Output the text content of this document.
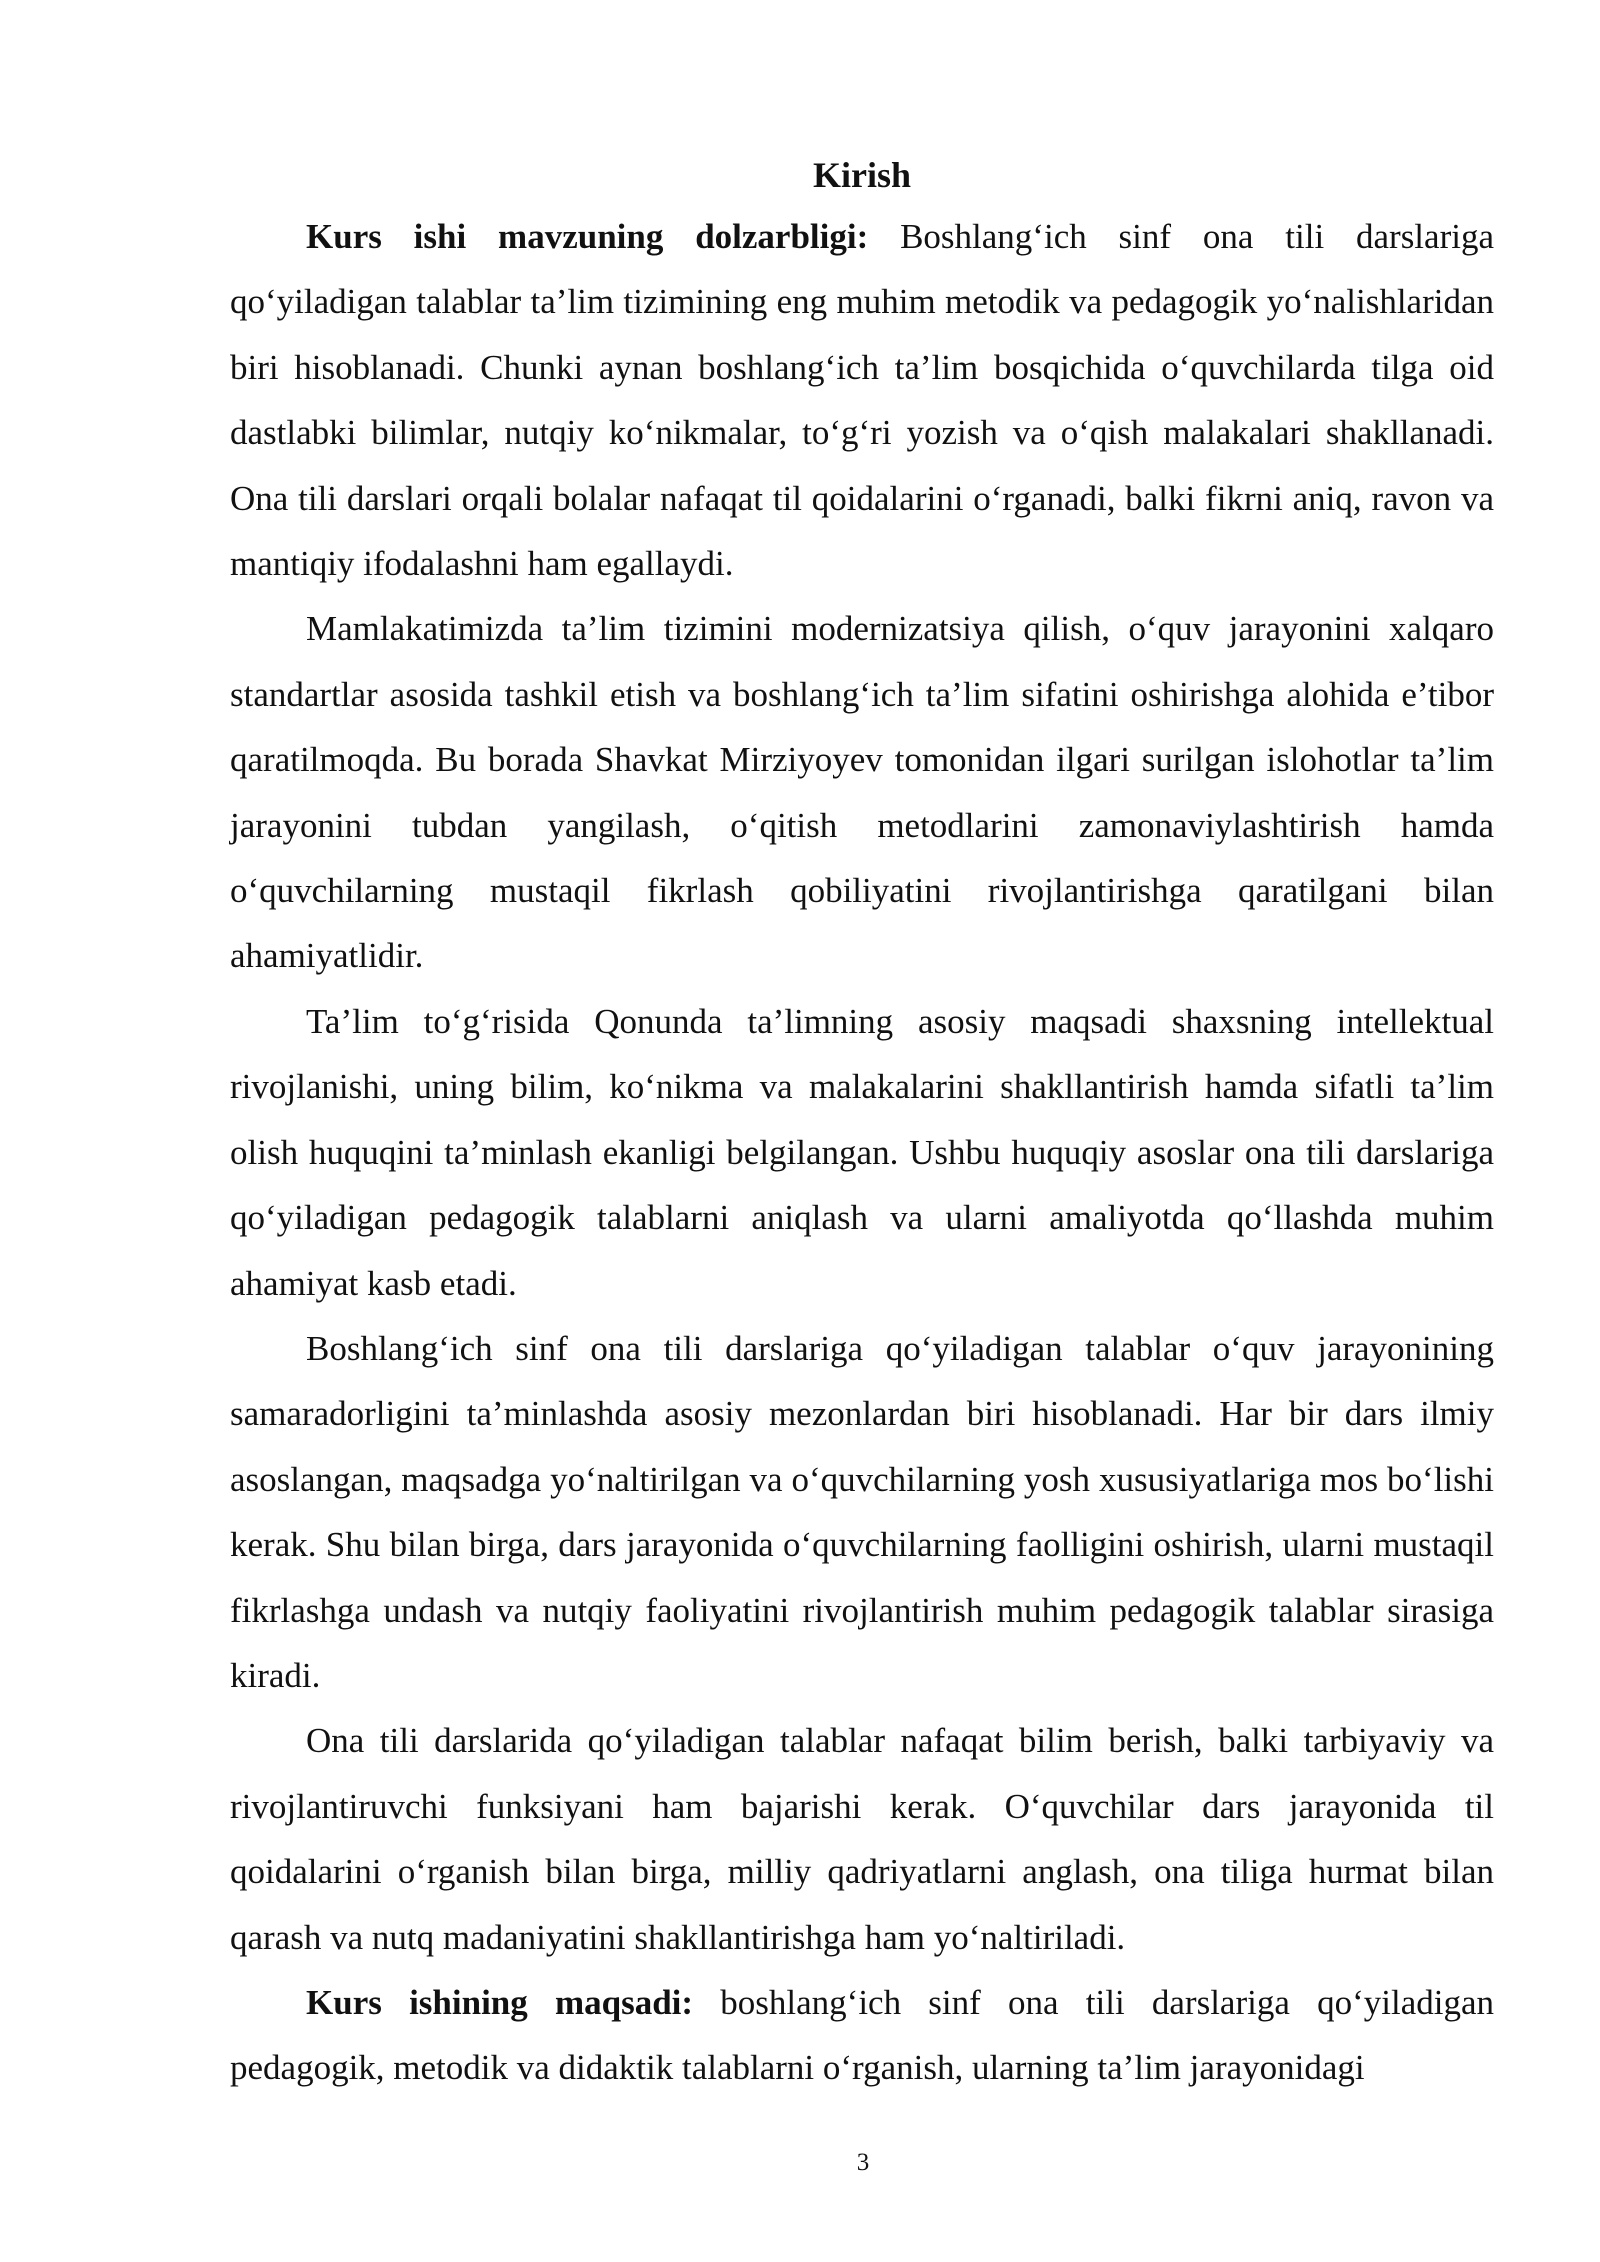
Kirish

Kurs ishi mavzuning dolzarbligi: Boshlang‘ich sinf ona tili darslariga qo‘yiladigan talablar ta’lim tizimining eng muhim metodik va pedagogik yo‘nalishlaridan biri hisoblanadi. Chunki aynan boshlang‘ich ta’lim bosqichida o‘quvchilarda tilga oid dastlabki bilimlar, nutqiy ko‘nikmalar, to‘g‘ri yozish va o‘qish malakalari shakllanadi. Ona tili darslari orqali bolalar nafaqat til qoidalarini o‘rganadi, balki fikrni aniq, ravon va mantiqiy ifodalashni ham egallaydi.

Mamlakatimizda ta’lim tizimini modernizatsiya qilish, o‘quv jarayonini xalqaro standartlar asosida tashkil etish va boshlang‘ich ta’lim sifatini oshirishga alohida e’tibor qaratilmoqda. Bu borada Shavkat Mirziyoyev tomonidan ilgari surilgan islohotlar ta’lim jarayonini tubdan yangilash, o‘qitish metodlarini zamonaviylashtirish hamda o‘quvchilarning mustaqil fikrlash qobiliyatini rivojlantirishga qaratilgani bilan ahamiyatlidir.

Ta’lim to‘g‘risida Qonunda ta’limning asosiy maqsadi shaxsning intellektual rivojlanishi, uning bilim, ko‘nikma va malakalarini shakllantirish hamda sifatli ta’lim olish huquqini ta’minlash ekanligi belgilangan. Ushbu huquqiy asoslar ona tili darslariga qo‘yiladigan pedagogik talablarni aniqlash va ularni amaliyotda qo‘llashda muhim ahamiyat kasb etadi.

Boshlang‘ich sinf ona tili darslariga qo‘yiladigan talablar o‘quv jarayonining samaradorligini ta’minlashda asosiy mezonlardan biri hisoblanadi. Har bir dars ilmiy asoslangan, maqsadga yo‘naltirilgan va o‘quvchilarning yosh xususiyatlariga mos bo‘lishi kerak. Shu bilan birga, dars jarayonida o‘quvchilarning faolligini oshirish, ularni mustaqil fikrlashga undash va nutqiy faoliyatini rivojlantirish muhim pedagogik talablar sirasiga kiradi.

Ona tili darslarida qo‘yiladigan talablar nafaqat bilim berish, balki tarbiyaviy va rivojlantiruvchi funksiyani ham bajarishi kerak. O‘quvchilar dars jarayonida til qoidalarini o‘rganish bilan birga, milliy qadriyatlarni anglash, ona tiliga hurmat bilan qarash va nutq madaniyatini shakllantirishga ham yo‘naltiriladi.

Kurs ishining maqsadi: boshlang‘ich sinf ona tili darslariga qo‘yiladigan pedagogik, metodik va didaktik talablarni o‘rganish, ularning ta’lim jarayonidagi

3
